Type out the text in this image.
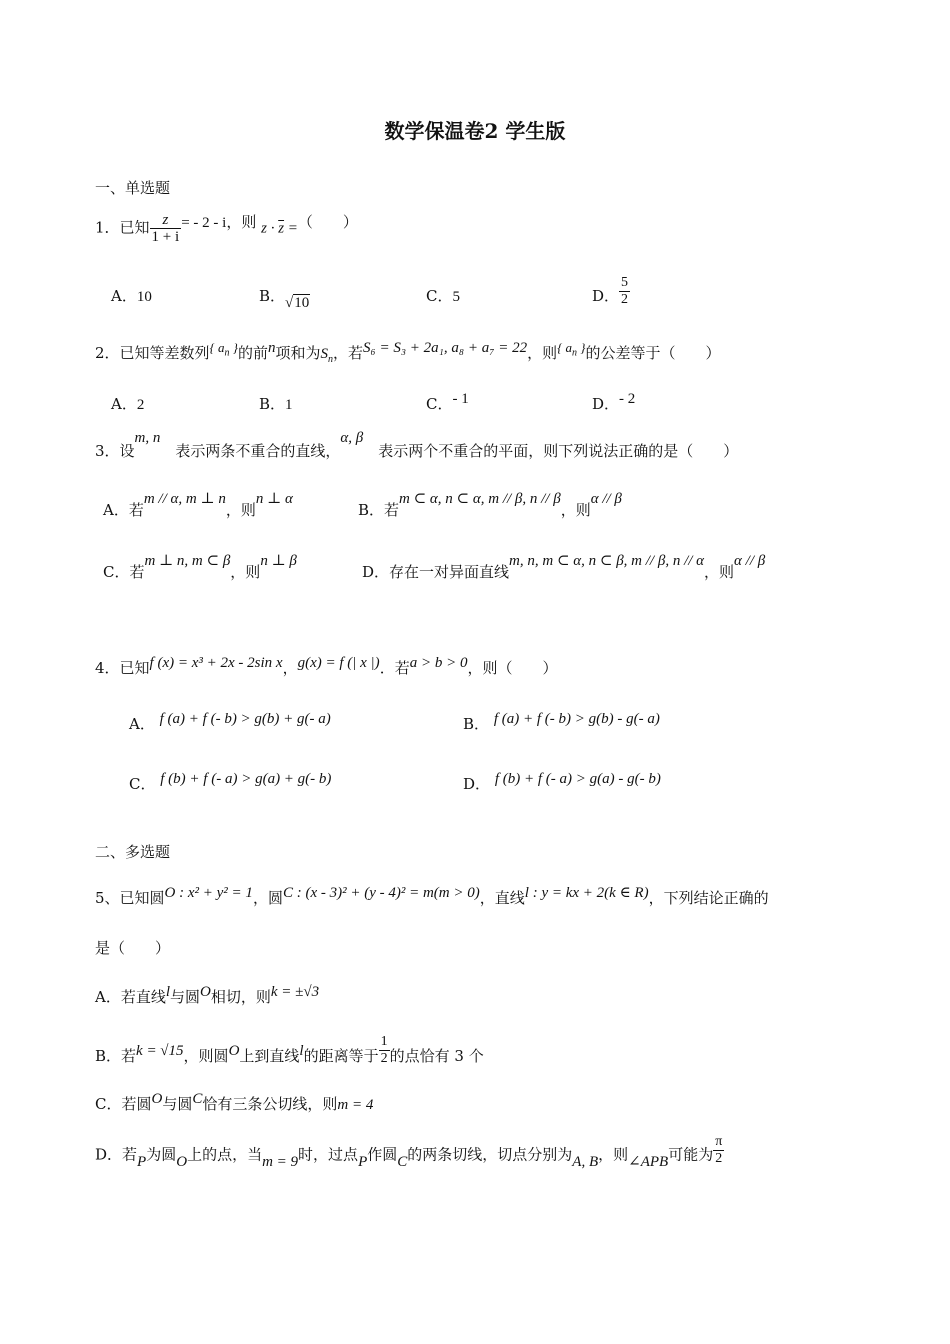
数学保温卷2 学生版
一、单选题
1．已知 $\frac{z}{1 + i}$ = - 2 - i，则 $z \cdot \overline{z}$ =（　　）
A．10	B．√10	C．5	D． $\frac{5}{2}$
2．已知等差数列{ $a_n$ }的前n项和为$S_n$，若S₆ = S₃ + 2a₁, a₈ + a₇ = 22，则{ $a_n$ }的公差等于（　　）
A．2	B．1	C．- 1	D．- 2
3．设m, n　表示两条不重合的直线，α, β　表示两个不重合的平面，则下列说法正确的是（　　）
A．若m // α, m ⊥ n，则n ⊥ α
B．若m ⊂ α, n ⊂ α, m // β, n // β，则α // β
C．若m ⊥ n, m ⊂ β，则n ⊥ β
D．存在一对异面直线m, n, m ⊂ α, n ⊂ β, m // β, n // α，则α // β
4．已知f (x) = x³ + 2x - 2sin x，g(x) = f (| x |)．若a > b > 0，则（　　）
A． f (a) + f (- b) > g(b) + g(- a)	B． f (a) + f (- b) > g(b) - g(- a)
C． f (b) + f (- a) > g(a) + g(- b)	D． f (b) + f (- a) > g(a) - g(- b)
二、多选题
5、已知圆O : x² + y² = 1，圆C : (x - 3)² + (y - 4)² = m(m > 0)，直线l : y = kx + 2(k ∈ R)，下列结论正确的
是（　　）
A．若直线l与圆O相切，则k = ±√3
B．若k = √15，则圆O上到直线l的距离等于 $\frac{1}{2}$ 的点恰有 3 个
C．若圆O与圆C恰有三条公切线，则m = 4
D．若P为圆O上的点，当m = 9时，过点P作圆C的两条切线，切点分别为A, B，则∠APB可能为 $\frac{\pi}{2}$
